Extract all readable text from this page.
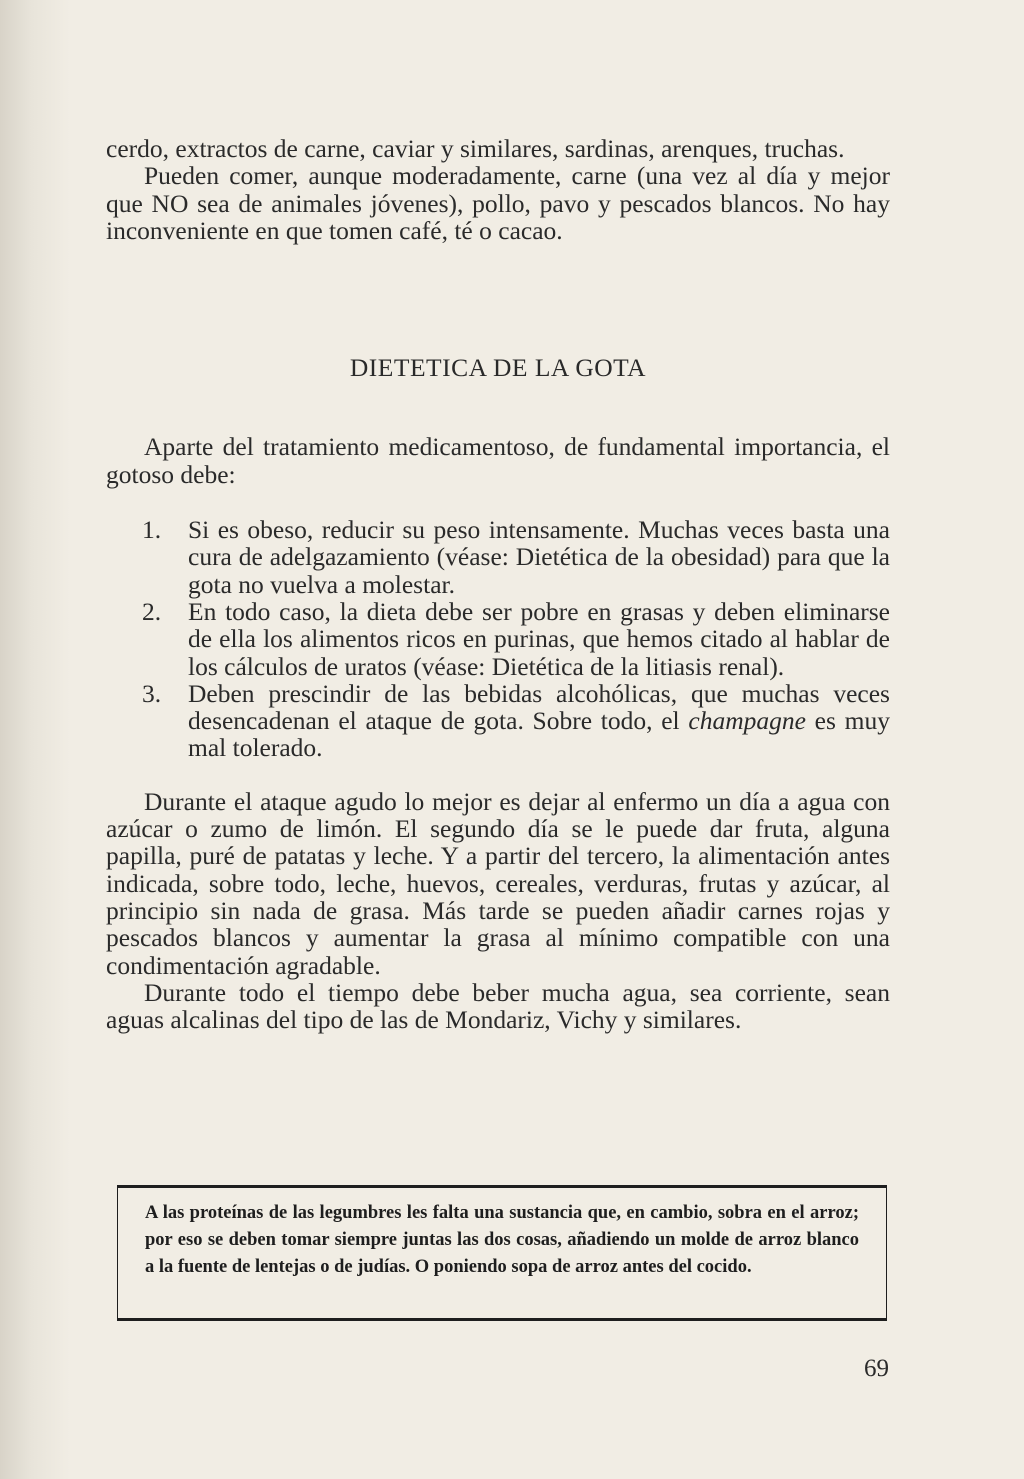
cerdo, extractos de carne, caviar y similares, sardinas, arenques, truchas.

Pueden comer, aunque moderadamente, carne (una vez al día y mejor que NO sea de animales jóvenes), pollo, pavo y pescados blancos. No hay inconveniente en que tomen café, té o cacao.

DIETETICA DE LA GOTA

Aparte del tratamiento medicamentoso, de fundamental importancia, el gotoso debe:

1. Si es obeso, reducir su peso intensamente. Muchas veces basta una cura de adelgazamiento (véase: Dietética de la obesidad) para que la gota no vuelva a molestar.
2. En todo caso, la dieta debe ser pobre en grasas y deben eliminarse de ella los alimentos ricos en purinas, que hemos citado al hablar de los cálculos de uratos (véase: Dietética de la litiasis renal).
3. Deben prescindir de las bebidas alcohólicas, que muchas veces desencadenan el ataque de gota. Sobre todo, el champagne es muy mal tolerado.

Durante el ataque agudo lo mejor es dejar al enfermo un día a agua con azúcar o zumo de limón. El segundo día se le puede dar fruta, alguna papilla, puré de patatas y leche. Y a partir del tercero, la alimentación antes indicada, sobre todo, leche, huevos, cereales, verduras, frutas y azúcar, al principio sin nada de grasa. Más tarde se pueden añadir carnes rojas y pescados blancos y aumentar la grasa al mínimo compatible con una condimentación agradable.

Durante todo el tiempo debe beber mucha agua, sea corriente, sean aguas alcalinas del tipo de las de Mondariz, Vichy y similares.

A las proteínas de las legumbres les falta una sustancia que, en cambio, sobra en el arroz; por eso se deben tomar siempre juntas las dos cosas, añadiendo un molde de arroz blanco a la fuente de lentejas o de judías. O poniendo sopa de arroz antes del cocido.
69
